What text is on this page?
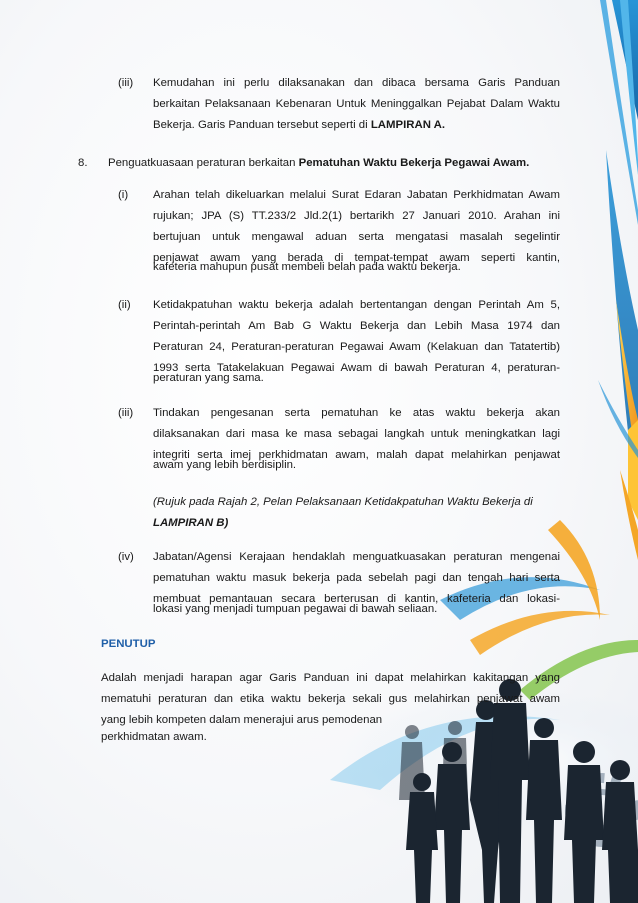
(iii) Kemudahan ini perlu dilaksanakan dan dibaca bersama Garis Panduan
berkaitan Pelaksanaan Kebenaran Untuk Meninggalkan Pejabat Dalam Waktu
Bekerja. Garis Panduan tersebut seperti di LAMPIRAN A.
8. Penguatkuasaan peraturan berkaitan Pematuhan Waktu Bekerja Pegawai Awam.
(i) Arahan telah dikeluarkan melalui Surat Edaran Jabatan Perkhidmatan Awam
rujukan; JPA (S) TT.233/2 Jld.2(1) bertarikh 27 Januari 2010. Arahan ini
bertujuan untuk mengawal aduan serta mengatasi masalah segelintir
penjawat awam yang berada di tempat-tempat awam seperti kantin,
kafeteria mahupun pusat membeli belah pada waktu bekerja.
(ii) Ketidakpatuhan waktu bekerja adalah bertentangan dengan Perintah Am 5,
Perintah-perintah Am Bab G Waktu Bekerja dan Lebih Masa 1974 dan
Peraturan 24, Peraturan-peraturan Pegawai Awam (Kelakuan dan Tatatertib)
1993 serta Tatakelakuan Pegawai Awam di bawah Peraturan 4, peraturan-
peraturan yang sama.
(iii) Tindakan pengesanan serta pematuhan ke atas waktu bekerja akan
dilaksanakan dari masa ke masa sebagai langkah untuk meningkatkan lagi
integriti serta imej perkhidmatan awam, malah dapat melahirkan penjawat
awam yang lebih berdisiplin.
(Rujuk pada Rajah 2, Pelan Pelaksanaan Ketidakpatuhan Waktu Bekerja di
LAMPIRAN B)
(iv) Jabatan/Agensi Kerajaan hendaklah menguatkuasakan peraturan mengenai
pematuhan waktu masuk bekerja pada sebelah pagi dan tengah hari serta
membuat pemantauan secara berterusan di kantin, kafeteria dan lokasi-
lokasi yang menjadi tumpuan pegawai di bawah seliaan.
PENUTUP
Adalah menjadi harapan agar Garis Panduan ini dapat melahirkan kakitangan yang
mematuhi peraturan dan etika waktu bekerja sekali gus melahirkan penjawat awam
yang lebih kompeten dalam menerajui arus pemodenan
perkhidmatan awam.
